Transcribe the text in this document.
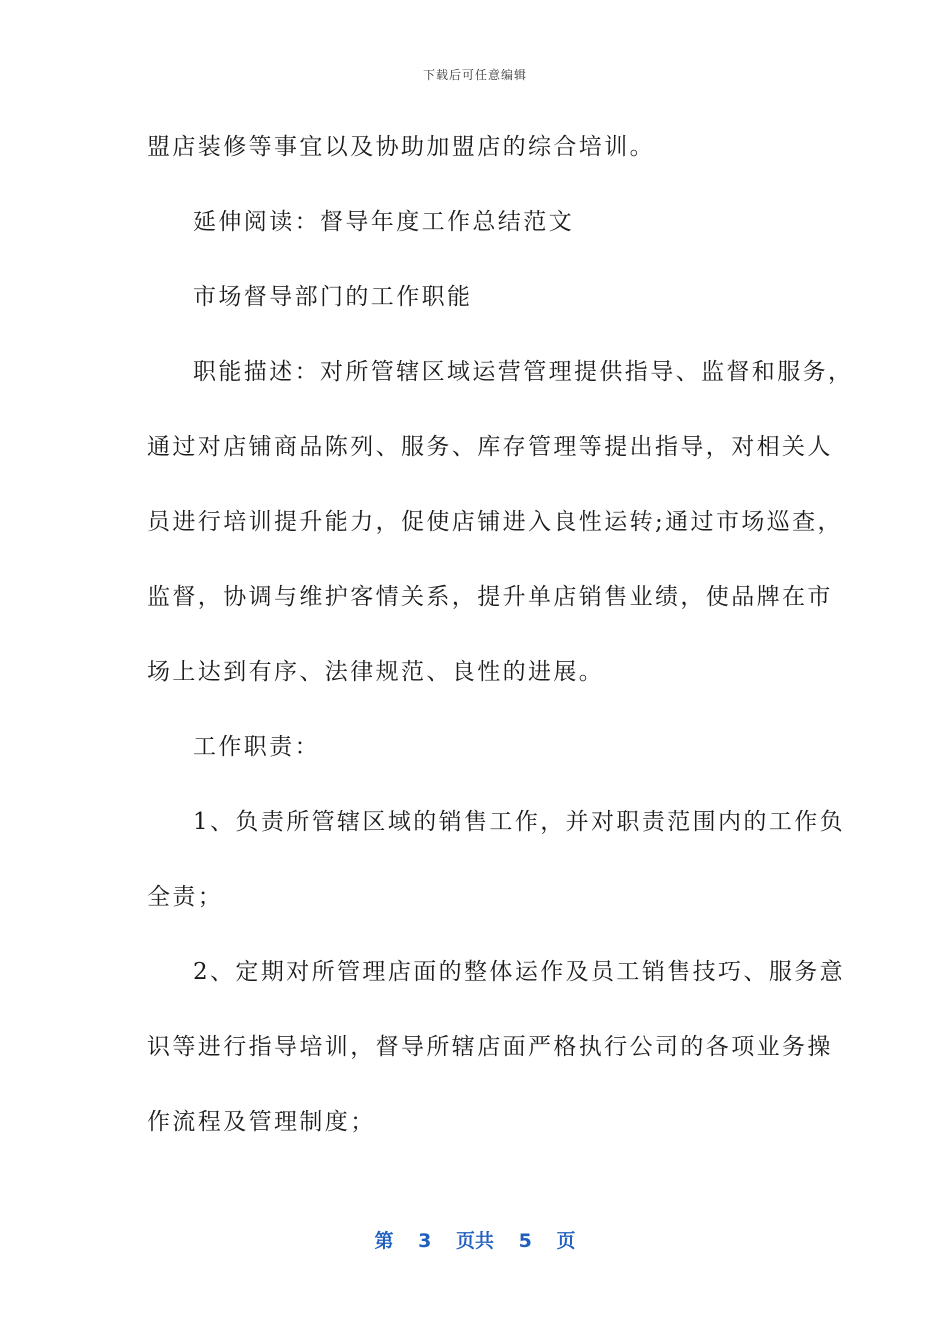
下载后可任意编辑
盟店装修等事宜以及协助加盟店的综合培训。
延伸阅读：督导年度工作总结范文
市场督导部门的工作职能
职能描述：对所管辖区域运营管理提供指导、监督和服务，
通过对店铺商品陈列、服务、库存管理等提出指导，对相关人
员进行培训提升能力，促使店铺进入良性运转;通过市场巡查，
监督，协调与维护客情关系，提升单店销售业绩，使品牌在市
场上达到有序、法律规范、良性的进展。
工作职责：
1、负责所管辖区域的销售工作，并对职责范围内的工作负
全责；
2、定期对所管理店面的整体运作及员工销售技巧、服务意
识等进行指导培训，督导所辖店面严格执行公司的各项业务操
作流程及管理制度；
第 3 页共 5 页
